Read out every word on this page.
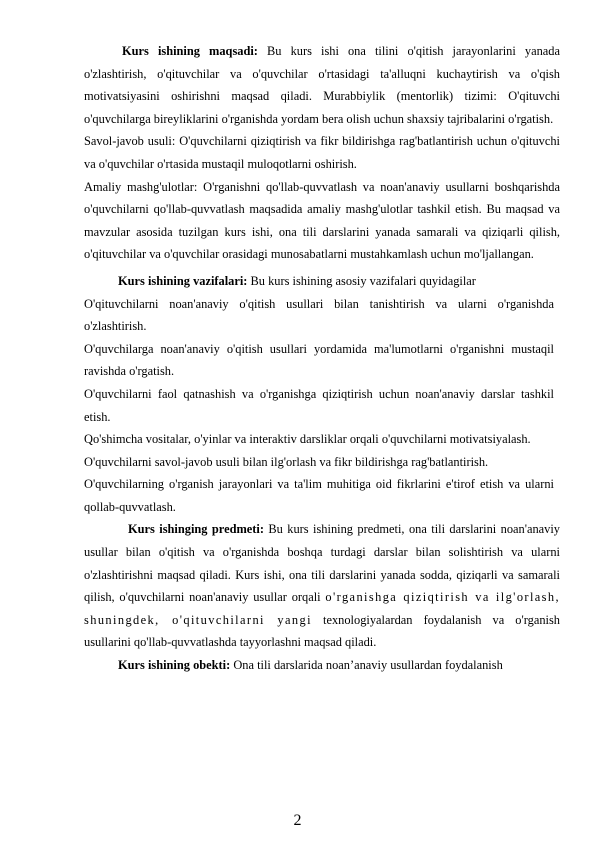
Kurs ishining maqsadi: Bu kurs ishi ona tilini o'qitish jarayonlarini yanada o'zlashtirish, o'qituvchilar va o'quvchilar o'rtasidagi ta'alluqni kuchaytirish va o'qish motivatsiyasini oshirishni maqsad qiladi. Murabbiylik (mentorlik) tizimi: O'qituvchi o'quvchilarga bireyliklarini o'rganishda yordam bera olish uchun shaxsiy tajribalarini o'rgatish.

Savol-javob usuli: O'quvchilarni qiziqtirish va fikr bildirishga rag'batlantirish uchun o'qituvchi va o'quvchilar o'rtasida mustaqil muloqotlarni oshirish.

Amaliy mashg'ulotlar: O'rganishni qo'llab-quvvatlash va noan'anaviy usullarni boshqarishda o'quvchilarni qo'llab-quvvatlash maqsadida amaliy mashg'ulotlar tashkil etish. Bu maqsad va mavzular asosida tuzilgan kurs ishi, ona tili darslarini yanada samarali va qiziqarli qilish, o'qituvchilar va o'quvchilar orasidagi munosabatlarni mustahkamlash uchun mo'ljallangan.

Kurs ishining vazifalari: Bu kurs ishining asosiy vazifalari quyidagilar

O'qituvchilarni noan'anaviy o'qitish usullari bilan tanishtirish va ularni o'rganishda o'zlashtirish.

O'quvchilarga noan'anaviy o'qitish usullari yordamida ma'lumotlarni o'rganishni mustaqil ravishda o'rgatish.

O'quvchilarni faol qatnashish va o'rganishga qiziqtirish uchun noan'anaviy darslar tashkil etish.

Qo'shimcha vositalar, o'yinlar va interaktiv darsliklar orqali o'quvchilarni motivatsiyalash.

O'quvchilarni savol-javob usuli bilan ilg'orlash va fikr bildirishga rag'batlantirish.

O'quvchilarning o'rganish jarayonlari va ta'lim muhitiga oid fikrlarini e'tirof etish va ularni qollab-quvvatlash.

Kurs ishinging predmeti: Bu kurs ishining predmeti, ona tili darslarini noan'anaviy usullar bilan o'qitish va o'rganishda boshqa turdagi darslar bilan solishtirish va ularni o'zlashtirishni maqsad qiladi. Kurs ishi, ona tili darslarini yanada sodda, qiziqarli va samarali qilish, o'quvchilarni noan'anaviy usullar orqali o'rganishga qiziqtirish va ilg'orlash, shuningdek, o'qituvchilarni yangi texnologiyalardan foydalanish va o'rganish usullarini qo'llab-quvvatlashda tayyorlashni maqsad qiladi.

Kurs ishining obekti: Ona tili darslarida noan’anaviy usullardan foydalanish

2
